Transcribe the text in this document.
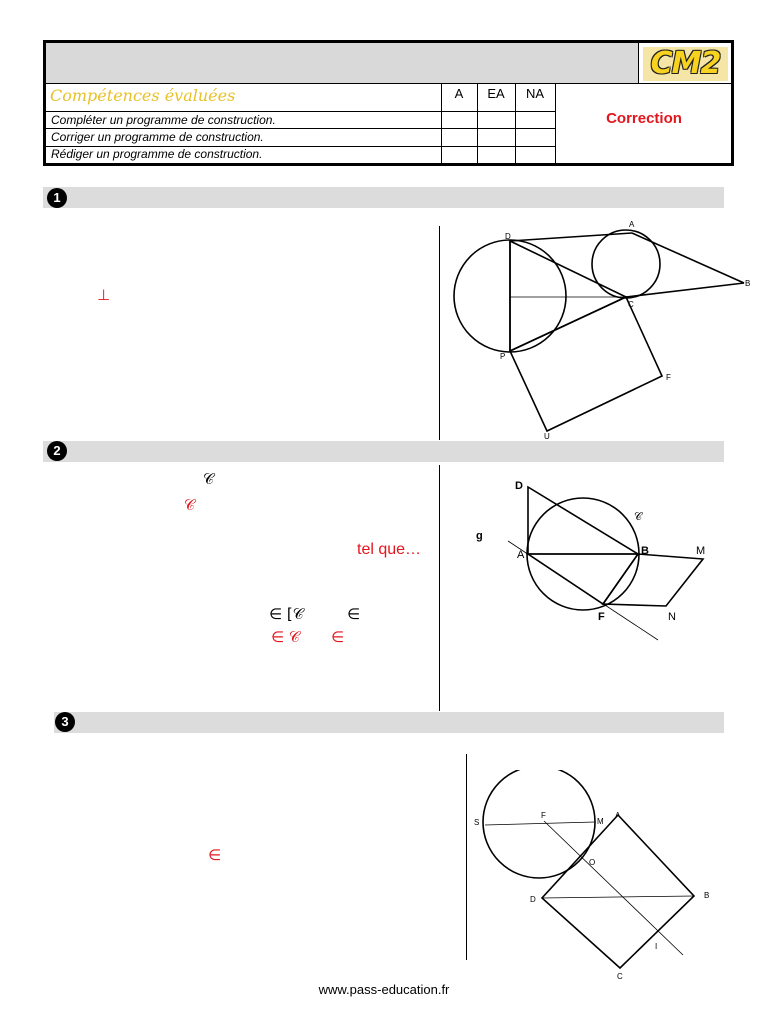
CM2
Compétences évaluées	A	EA	NA
Compléter un programme de construction.
Corriger un programme de construction.
Rédiger un programme de construction.
Correction
1
⊥
D
A
B
C
P
F
U
2
𝒞
𝒞
tel que…
∈ [𝒞	∈
∈ 𝒞 ∈
D
𝒞
g
A	B	M
F	N
3
∈
S
F
M
A
O
D	B
I
C
www.pass-education.fr
